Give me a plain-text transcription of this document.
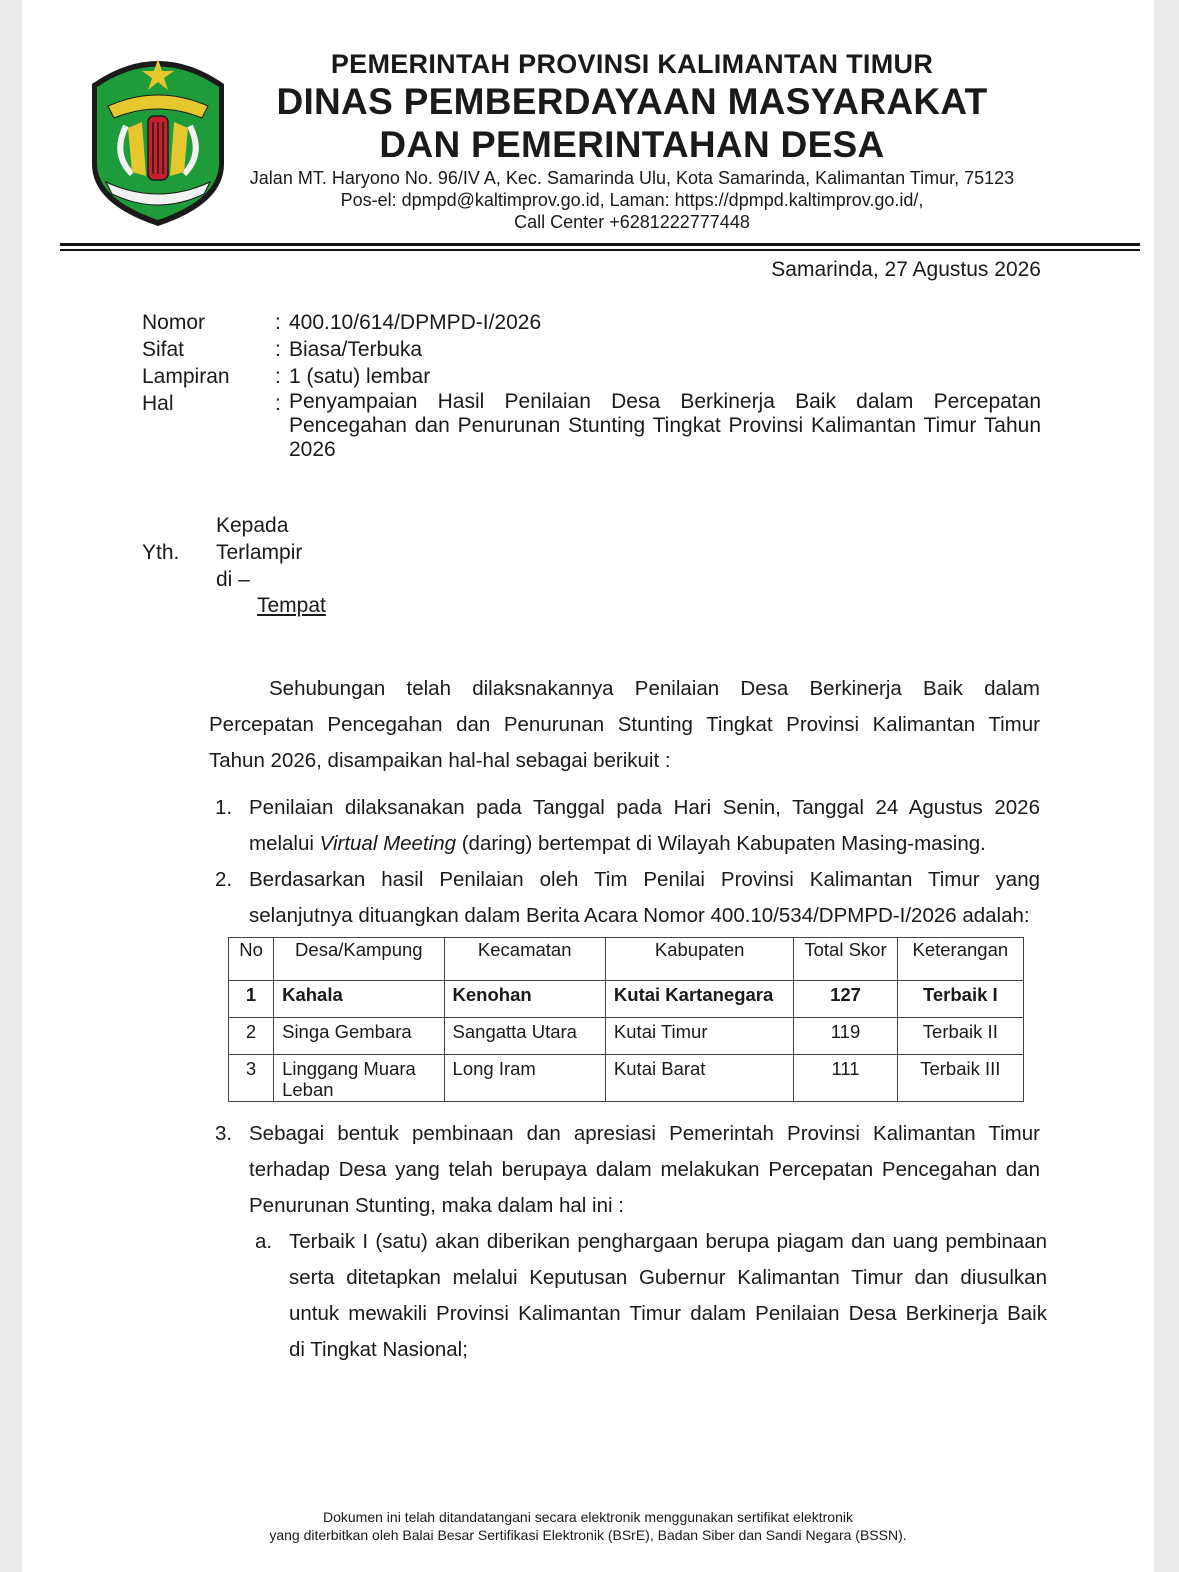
PEMERINTAH PROVINSI KALIMANTAN TIMUR
DINAS PEMBERDAYAAN MASYARAKAT
DAN PEMERINTAHAN DESA
Jalan MT. Haryono No. 96/IV A, Kec. Samarinda Ulu, Kota Samarinda, Kalimantan Timur, 75123
Pos-el: dpmpd@kaltimprov.go.id, Laman: https://dpmpd.kaltimprov.go.id/,
Call Center +6281222777448
Samarinda, 27 Agustus 2026
Nomor	: 400.10/614/DPMPD-I/2026
Sifat	: Biasa/Terbuka
Lampiran	: 1 (satu) lembar
Hal	: Penyampaian Hasil Penilaian Desa Berkinerja Baik dalam Percepatan
Pencegahan dan Penurunan Stunting Tingkat Provinsi Kalimantan Timur Tahun
2026
Yth.
Kepada
Terlampir
di –
Tempat

Sehubungan telah dilaksnakannya Penilaian Desa Berkinerja Baik dalam

Percepatan Pencegahan dan Penurunan Stunting Tingkat Provinsi Kalimantan Timur

Tahun 2026, disampaikan hal-hal sebagai berikuit :

1. Penilaian dilaksanakan pada Tanggal pada Hari Senin, Tanggal 24 Agustus 2026

melalui Virtual Meeting (daring) bertempat di Wilayah Kabupaten Masing-masing.

2. Berdasarkan hasil Penilaian oleh Tim Penilai Provinsi Kalimantan Timur yang

selanjutnya dituangkan dalam Berita Acara Nomor 400.10/534/DPMPD-I/2026 adalah:

3. Sebagai bentuk pembinaan dan apresiasi Pemerintah Provinsi Kalimantan Timur

terhadap Desa yang telah berupaya dalam melakukan Percepatan Pencegahan dan

Penurunan Stunting, maka dalam hal ini :

a. Terbaik I (satu) akan diberikan penghargaan berupa piagam dan uang pembinaan

serta ditetapkan melalui Keputusan Gubernur Kalimantan Timur dan diusulkan

untuk mewakili Provinsi Kalimantan Timur dalam Penilaian Desa Berkinerja Baik

di Tingkat Nasional;

No	Desa/Kampung	Kecamatan	Kabupaten	Total Skor	Keterangan
1	Kahala	Kenohan	Kutai Kartanegara	127	Terbaik I
2	Singa Gembara	Sangatta Utara	Kutai Timur	119	Terbaik II
3	Linggang Muara Leban	Long Iram	Kutai Barat	111	Terbaik III
Dokumen ini telah ditandatangani secara elektronik menggunakan sertifikat elektronik
yang diterbitkan oleh Balai Besar Sertifikasi Elektronik (BSrE), Badan Siber dan Sandi Negara (BSSN).
